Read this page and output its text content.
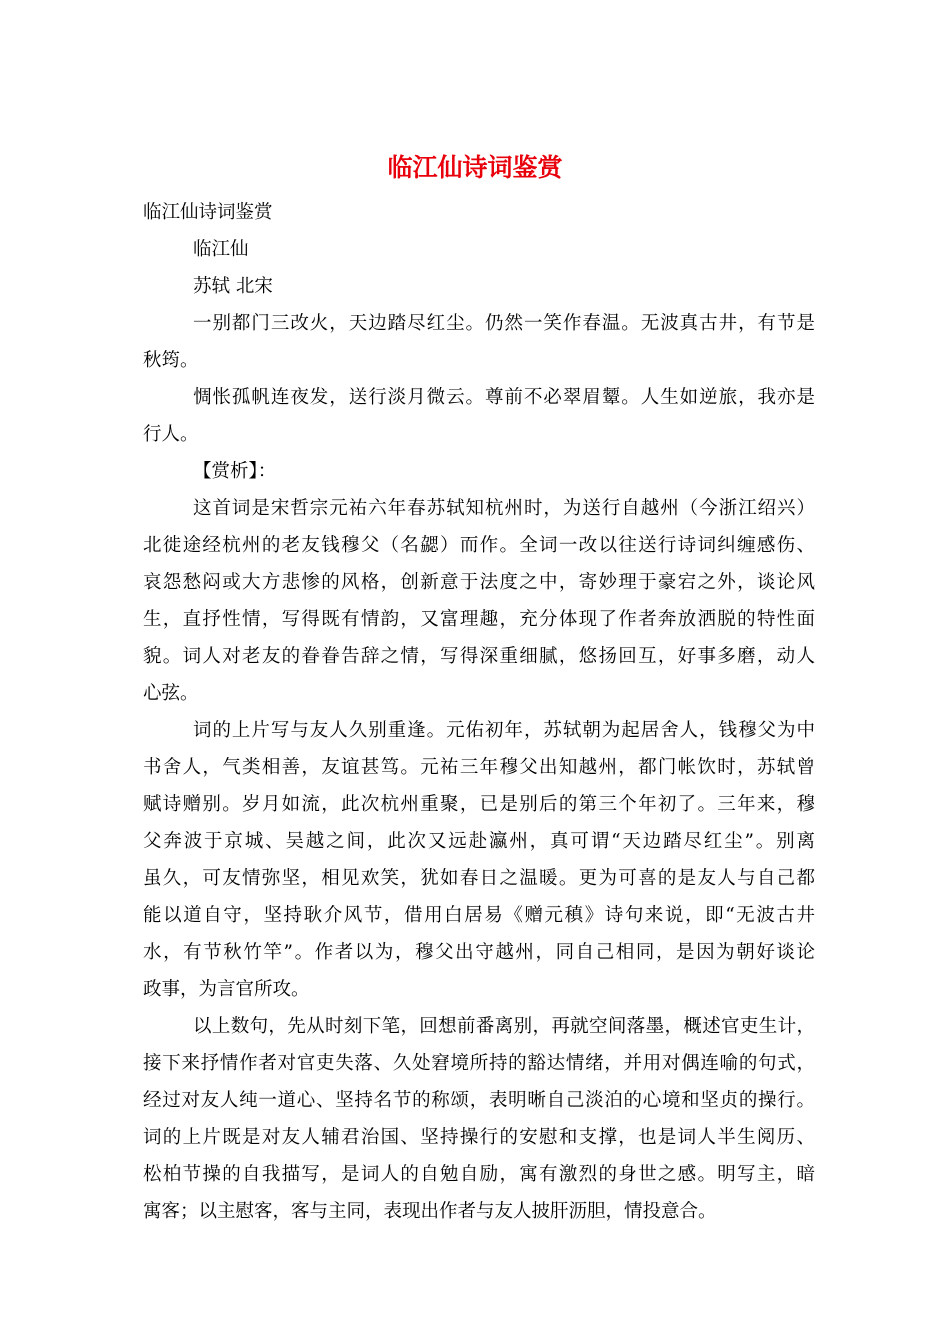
临江仙诗词鉴赏

临江仙诗词鉴赏

临江仙

苏轼 北宋

一别都门三改火，天边踏尽红尘。仍然一笑作春温。无波真古井，有节是

秋筠。

惆怅孤帆连夜发，送行淡月微云。尊前不必翠眉颦。人生如逆旅，我亦是

行人。

【赏析】：

这首词是宋哲宗元祐六年春苏轼知杭州时，为送行自越州（今浙江绍兴）

北徙途经杭州的老友钱穆父（名勰）而作。全词一改以往送行诗词纠缠感伤、

哀怨愁闷或大方悲惨的风格，创新意于法度之中，寄妙理于豪宕之外，谈论风

生，直抒性情，写得既有情韵，又富理趣，充分体现了作者奔放洒脱的特性面

貌。词人对老友的眷眷告辞之情，写得深重细腻，悠扬回互，好事多磨，动人

心弦。

词的上片写与友人久别重逢。元佑初年，苏轼朝为起居舍人，钱穆父为中

书舍人，气类相善，友谊甚笃。元祐三年穆父出知越州，都门帐饮时，苏轼曾

赋诗赠别。岁月如流，此次杭州重聚，已是别后的第三个年初了。三年来，穆

父奔波于京城、吴越之间，此次又远赴瀛州，真可谓“天边踏尽红尘”。别离

虽久，可友情弥坚，相见欢笑，犹如春日之温暖。更为可喜的是友人与自己都

能以道自守，坚持耿介风节，借用白居易《赠元稹》诗句来说，即“无波古井

水，有节秋竹竿”。作者以为，穆父出守越州，同自己相同，是因为朝好谈论

政事，为言官所攻。

以上数句，先从时刻下笔，回想前番离别，再就空间落墨，概述官吏生计，

接下来抒情作者对官吏失落、久处窘境所持的豁达情绪，并用对偶连喻的句式，

经过对友人纯一道心、坚持名节的称颂，表明晰自己淡泊的心境和坚贞的操行。

词的上片既是对友人辅君治国、坚持操行的安慰和支撑，也是词人半生阅历、

松柏节操的自我描写，是词人的自勉自励，寓有激烈的身世之感。明写主，暗

寓客；以主慰客，客与主同，表现出作者与友人披肝沥胆，情投意合。
